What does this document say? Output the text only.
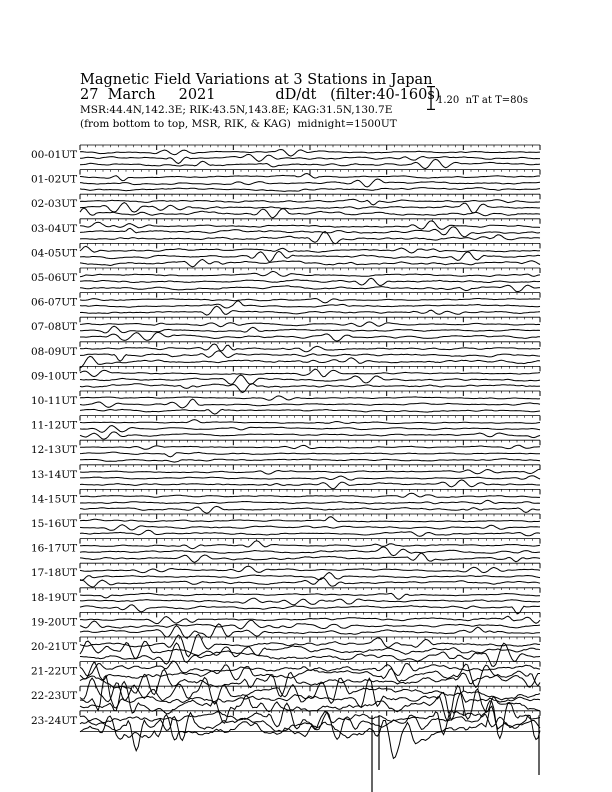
Magnetic Field Variations at 3 Stations in Japan
27  March     2021             dD/dt   (filter:40-160s)
MSR:44.4N,142.3E; RIK:43.5N,143.8E; KAG:31.5N,130.7E
(from bottom to top, MSR, RIK, & KAG)  midnight=1500UT
1.20  nT at T=80s
00-01UT
01-02UT
02-03UT
03-04UT
04-05UT
05-06UT
06-07UT
07-08UT
08-09UT
09-10UT
10-11UT
11-12UT
12-13UT
13-14UT
14-15UT
15-16UT
16-17UT
17-18UT
18-19UT
19-20UT
20-21UT
21-22UT
22-23UT
23-24UT
